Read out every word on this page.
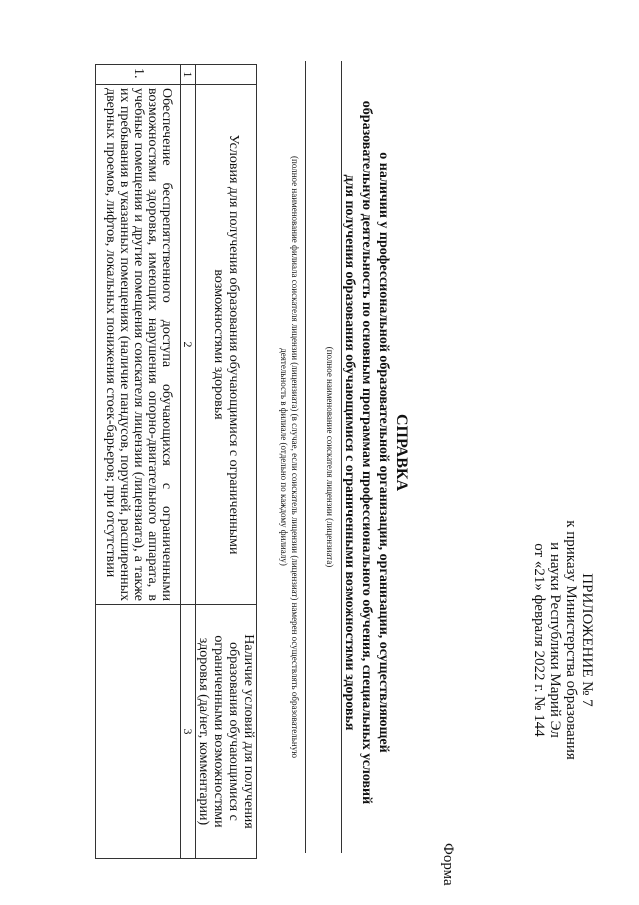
ПРИЛОЖЕНИЕ № 7
к приказу Министерства образования
и науки Республики Марий Эл
от «21» февраля 2022 г. № 144
Форма
СПРАВКА
о наличии у профессиональной образовательной организации, организации, осуществляющей
образовательную деятельность по основным программам профессионального обучения, специальных условий
для получения образования обучающимися с ограниченными возможностями здоровья
(полное наименование соискателя лицензии (лицензиата)
(полное наименование филиала соискателя лицензии (лицензиата) (в случае, если соискатель лицензии (лицензиат) намерен осуществлять образовательную
деятельность в филиале (отдельно по каждому филиалу)
	Условия для получения образования обучающимися с ограниченными возможностями здоровья	Наличие условий для получения образования обучающимися с ограниченными возможностями здоровья (да/нет, комментарии)
1	2	3
1.	Обеспечение беспрепятственного доступа обучающихся с ограниченными возможностями здоровья, имеющих нарушения опорно-двигательного аппарата, в учебные помещения и другие помещения соискателя лицензии (лицензиата), а также их пребывания в указанных помещениях (наличие пандусов, поручней, расширенных дверных проемов, лифтов, локальных понижения стоек-барьеров; при отсутствии	
